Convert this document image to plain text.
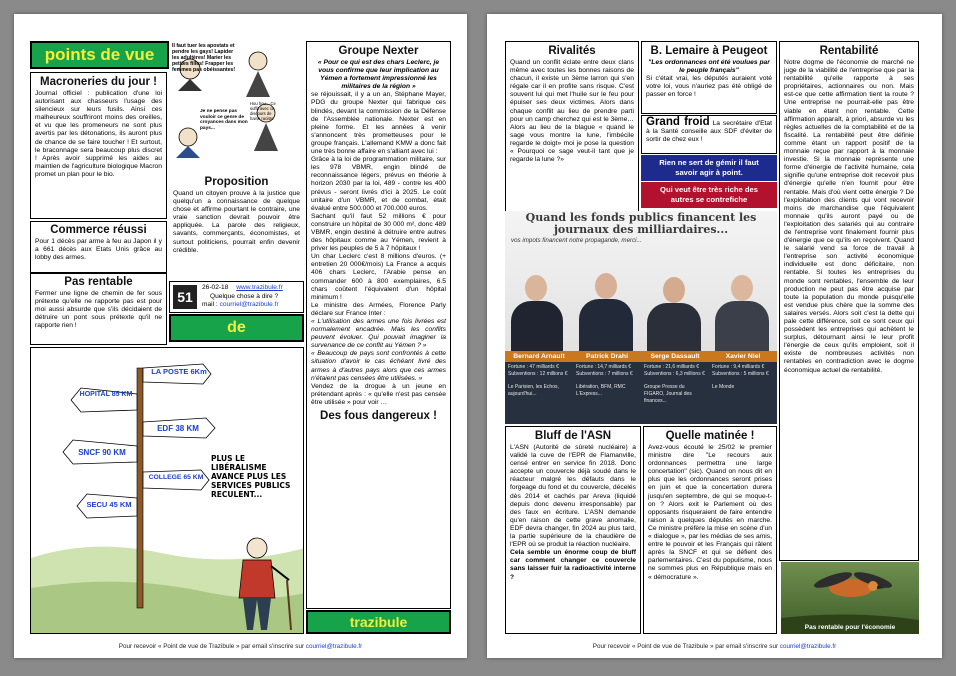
points de vue	Il faut tuer les apostats et pendre les gays! Lapider les adultères! Marier les petites filles! Frapper les femmes pas obéissantes!
Je ne pense pas vouloir ce genre de croyances dans mon pays...
Hou hou... Ce suffit avec ce discours de haine raciste
Macroneries du jour !
Journal officiel : publication d'une loi autorisant aux chasseurs l'usage des silencieux sur leurs fusils. Ainsi ces malheureux souffriront moins des oreilles, et vu que les promeneurs ne sont plus avertis par les détonations, ils auront plus de chance de se faire toucher ! Et surtout, le braconnage sera beaucoup plus discret ! Après avoir supprimé les aides au maintien de l'agriculture biologique Macron promet un plan pour le bio.
Commerce réussi
Pour 1 décès par arme à feu au Japon il y a 661 décès aux Etats Unis grâce au lobby des armes.
Pas rentable
Fermer une ligne de chemin de fer sous prétexte qu'elle ne rapporte pas est pour moi aussi absurde que s'ils décidaient de détruire un pont sous prétexte qu'il ne rapporte rien !
Proposition
Quand un citoyen prouve à la justice que quelqu'un a connaissance de quelque chose et affirme pourtant le contraire, une vraie sanction devrait pouvoir être appliquée. La parole des religieux, savants, commerçants, économistes, et surtout politiciens, pourrait enfin devenir crédible.
51
26-02-18 www.trazibule.fr
Quelque chose à dire ?
mail : courriel@trazibule.fr
de
Groupe Nexter
« Pour ce qui est des chars Leclerc, je vous confirme que leur implication au Yémen a fortement impressionné les militaires de la région »
se réjouissait, il y a un an, Stéphane Mayer, PDG du groupe Nexter qui fabrique ces blindés, devant la commission de la Défense de l'Assemblée nationale. Nexter est en pleine forme. Et les années à venir s'annoncent très prometteuses pour le groupe français. L'allemand KMW a donc fait une très bonne affaire en s'alliant avec lui :
Grâce à la loi de programmation militaire, sur les 978 VBMR, engin blindé de reconnaissance légers, prévus en théorie à horizon 2030 par la loi, 489 - contre les 400 prévus - seront livrés d'ici à 2025. Le coût unitaire d'un VBMR, et de combat, était évalué entre 500.000 et 700.000 euros.
Sachant qu'il faut 52 millions € pour construire un hôpital de 30 000 m², donc 489 VBMR, engin destiné à détruire entre autres des hôpitaux comme au Yémen, revient à priver les peuples de 5 à 7 hôpitaux !
Un char Leclerc c'est 8 millions d'euros. (+ entretien 20 000€/mois) La France a acquis 406 chars Leclerc, l'Arabie pense en commander 600 à 800 exemplaires, 6.5 chars coûtent l'équivalent d'un hôpital minimum !
Le ministre des Armées, Florence Parly déclare sur France Inter :
« L'utilisation des armes une fois livrées est normalement encadrée. Mais les conflits peuvent évoluer. Qui pouvait imaginer la survenance de ce conflit au Yémen ? »
« Beaucoup de pays sont confrontés à cette situation d'avoir le cas échéant livré des armes à d'autres pays alors que ces armes n'étaient pas censées être utilisées. »
Vendez de la drogue à un jeune en prétendant après : « qu'elle n'est pas censée être utilisée » pour voir …
Des fous dangereux !
trazibule
LA POSTE 6Km
HOPITAL 85 KM
EDF 38 KM
SNCF 90 KM
COLLEGE 65 KM
SECU 45 KM
PLUS LE LIBÉRALISME AVANCE PLUS LES SERVICES PUBLICS RECULENT...
Pour recevoir « Point de vue de Trazibule » par email s'inscrire sur courriel@trazibule.fr
Rivalités
Quand un conflit éclate entre deux clans même avec toutes les bonnes raisons de chacun, il existe un 3ème larron qui s'en régale car il en profite sans risque. C'est souvent lui qui met l'huile sur le feu pour épuiser ses deux victimes. Alors dans chaque conflit au lieu de prendre parti pour un camp cherchez qui est le 3ème… Alors au lieu de la blague « quand le sage vous montre la lune, l'imbécile regarde le doigt» moi je pose la question « Pourquoi ce sage veut-il tant que je regarde la lune ?»
B. Lemaire à Peugeot
"Les ordonnances ont été voulues par le peuple français"
Si c'était vrai, les députés auraient voté votre loi, vous n'auriez pas été obligé de passer en force !
Grand froid La secrétaire d'Etat à la Santé conseille aux SDF d'éviter de sortir de chez eux !
Rien ne sert de gémir il faut savoir agir à point.
Qui veut être très riche des autres se contrefiche
Quand les fonds publics financent les journaux des milliardaires...
vos impots financent notre propagande, merci...
Bernard Arnault
Fortune : 47 milliards €
Subventions : 12 millions €
Le Parisien, les Echos, aujourd'hui...
Patrick Drahi
Fortune : 14,7 milliards €
Subventions : 7 millions €
Libération, BFM, RMC L'Express...
Serge Dassault
Fortune : 21,6 milliards €
Subventions : 6,3 millions €
Groupe Presse du FIGARO, Journal des finances...
Xavier Niel
Fortune : 9,4 milliards €
Subventions : 5 millions €
Le Monde
Bluff de l'ASN
L'ASN (Autorité de sûreté nucléaire) a validé la cuve de l'EPR de Flamanville, censé entrer en service fin 2018. Donc accepte un couvercle déjà soudé dans le réacteur malgré les défauts dans le forgeage du fond et du couvercle, décelés dès 2014 et cachés par Areva (liquidé depuis donc devenu irresponsable) par des faux en écriture. L'ASN demande qu'en raison de cette grave anomalie, EDF devra changer, fin 2024 au plus tard, la partie supérieure de la chaudière de l'EPR où se produit la réaction nucléaire.
Cela semble un énorme coup de bluff car comment changer ce couvercle sans laisser fuir la radioactivité interne ?
Quelle matinée !
Avez-vous écouté le 25/02 le premier ministre dire "Le recours aux ordonnances permettra une large concertation" (sic). Quand on nous dit en plus que les ordonnances seront prises en juin et que la concertation durera jusqu'en septembre, de qui se moque-t-on ? Alors exit le Parlement où des opposants risqueraient de faire entendre raison à quelques députés en marche. Ce ministre préfère la mise en scène d'un « dialogue », par les médias de ses amis, entre le pouvoir et les Français qui râlent après la SNCF et qui se défient des parlementaires. C'est du populisme, nous ne sommes plus en République mais en « démocrature ».
Rentabilité
Notre dogme de l'économie de marché ne juge de la viabilité de l'entreprise que par la rentabilité qu'elle rapporte à ses propriétaires, actionnaires ou non. Mais est-ce que cette affirmation tient la route ? Une entreprise ne pourrait-elle pas être viable en étant non rentable. Cette affirmation apparaît, à priori, absurde vu les règles actuelles de la comptabilité et de la fiscalité. La rentabilité peut être définie comme étant un rapport positif de la monnaie reçue par rapport à la monnaie investie. Si la monnaie représente une forme d'énergie de l'activité humaine, cela signifie qu'une entreprise doit recevoir plus d'énergie qu'elle n'en fournit pour être rentable. Mais d'où vient cette énergie ? De l'exploitation des clients qui vont recevoir moins de marchandise que l'équivalent monnaie qu'ils auront payé ou de l'exploitation des salariés qui au contraire de l'entreprise vont finalement fournir plus d'énergie que ce qu'ils en reçoivent. Quand le salarié vend sa force de travail à l'entreprise son activité économique individuelle est donc déficitaire, non rentable. Si toutes les entreprises du monde sont rentables, l'ensemble de leur production ne peut pas être acquise par toute la population du monde puisqu'elle est vendue plus chère que la somme des salaires versés. Alors soit c'est la dette qui pale cette différence, soit ce sont ceux qui possèdent les entreprises qui achètent le surplus, détournant ainsi le leur profit l'énergie de ceux qu'ils emploient, soit il existe de nombreuses activités non rentables en contradiction avec le dogme économique actuel de rentabilité.
Pas rentable pour l'économie
Pour recevoir « Point de vue de Trazibule » par email s'inscrire sur courriel@trazibule.fr
